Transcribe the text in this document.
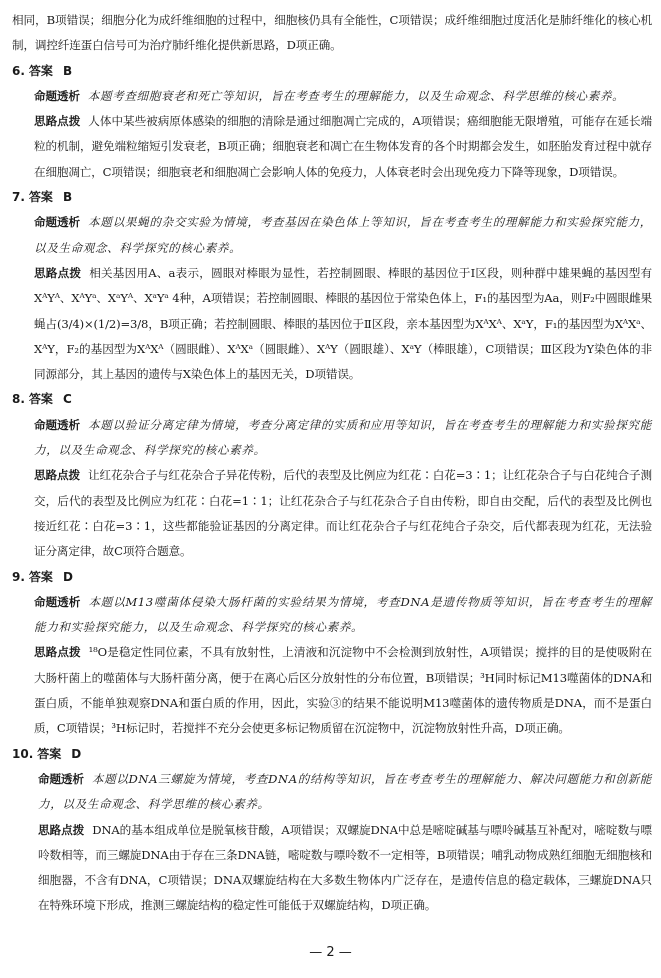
相同，B项错误；细胞分化为成纤维细胞的过程中，细胞核仍具有全能性，C项错误；成纤维细胞过度活化是肺纤维化的核心机制，调控纤连蛋白信号可为治疗肺纤维化提供新思路，D项正确。

6. 答案 B

命题透析 本题考查细胞衰老和死亡等知识，旨在考查考生的理解能力，以及生命观念、科学思维的核心素养。

思路点拨 人体中某些被病原体感染的细胞的清除是通过细胞凋亡完成的，A项错误；癌细胞能无限增殖，可能存在延长端粒的机制，避免端粒缩短引发衰老，B项正确；细胞衰老和凋亡在生物体发育的各个时期都会发生，如胚胎发育过程中就存在细胞凋亡，C项错误；细胞衰老和细胞凋亡会影响人体的免疫力，人体衰老时会出现免疫力下降等现象，D项错误。

7. 答案 B

命题透析 本题以果蝇的杂交实验为情境，考查基因在染色体上等知识，旨在考查考生的理解能力和实验探究能力，以及生命观念、科学探究的核心素养。

思路点拨 相关基因用A、a表示，圆眼对棒眼为显性，若控制圆眼、棒眼的基因位于Ⅰ区段，则种群中雄果蝇的基因型有XᴬYᴬ、XᴬYᵃ、XᵃYᴬ、XᵃYᵃ 4种，A项错误；若控制圆眼、棒眼的基因位于常染色体上，F₁的基因型为Aa，则F₂中圆眼雌果蝇占(3/4)×(1/2)=3/8，B项正确；若控制圆眼、棒眼的基因位于Ⅱ区段，亲本基因型为XᴬXᴬ、XᵃY，F₁的基因型为XᴬXᵃ、XᴬY，F₂的基因型为XᴬXᴬ（圆眼雌）、XᴬXᵃ（圆眼雌）、XᴬY（圆眼雄）、XᵃY（棒眼雄），C项错误；Ⅲ区段为Y染色体的非同源部分，其上基因的遗传与X染色体上的基因无关，D项错误。

8. 答案 C

命题透析 本题以验证分离定律为情境，考查分离定律的实质和应用等知识，旨在考查考生的理解能力和实验探究能力，以及生命观念、科学探究的核心素养。

思路点拨 让红花杂合子与红花杂合子异花传粉，后代的表型及比例应为红花∶白花=3∶1；让红花杂合子与白花纯合子测交，后代的表型及比例应为红花∶白花=1∶1；让红花杂合子与红花杂合子自由传粉，即自由交配，后代的表型及比例也接近红花∶白花=3∶1，这些都能验证基因的分离定律。而让红花杂合子与红花纯合子杂交，后代都表现为红花，无法验证分离定律，故C项符合题意。

9. 答案 D

命题透析 本题以M13噬菌体侵染大肠杆菌的实验结果为情境，考查DNA是遗传物质等知识，旨在考查考生的理解能力和实验探究能力，以及生命观念、科学探究的核心素养。

思路点拨 ¹⁸O是稳定性同位素，不具有放射性，上清液和沉淀物中不会检测到放射性，A项错误；搅拌的目的是使吸附在大肠杆菌上的噬菌体与大肠杆菌分离，便于在离心后区分放射性的分布位置，B项错误；³H同时标记M13噬菌体的DNA和蛋白质，不能单独观察DNA和蛋白质的作用，因此，实验③的结果不能说明M13噬菌体的遗传物质是DNA，而不是蛋白质，C项错误；³H标记时，若搅拌不充分会使更多标记物质留在沉淀物中，沉淀物放射性升高，D项正确。

10. 答案 D

命题透析 本题以DNA三螺旋为情境，考查DNA的结构等知识，旨在考查考生的理解能力、解决问题能力和创新能力，以及生命观念、科学思维的核心素养。

思路点拨 DNA的基本组成单位是脱氧核苷酸，A项错误；双螺旋DNA中总是嘧啶碱基与嘌呤碱基互补配对，嘧啶数与嘌呤数相等，而三螺旋DNA由于存在三条DNA链，嘧啶数与嘌呤数不一定相等，B项错误；哺乳动物成熟红细胞无细胞核和细胞器，不含有DNA，C项错误；DNA双螺旋结构在大多数生物体内广泛存在，是遗传信息的稳定载体，三螺旋DNA只在特殊环境下形成，推测三螺旋结构的稳定性可能低于双螺旋结构，D项正确。

— 2 —
